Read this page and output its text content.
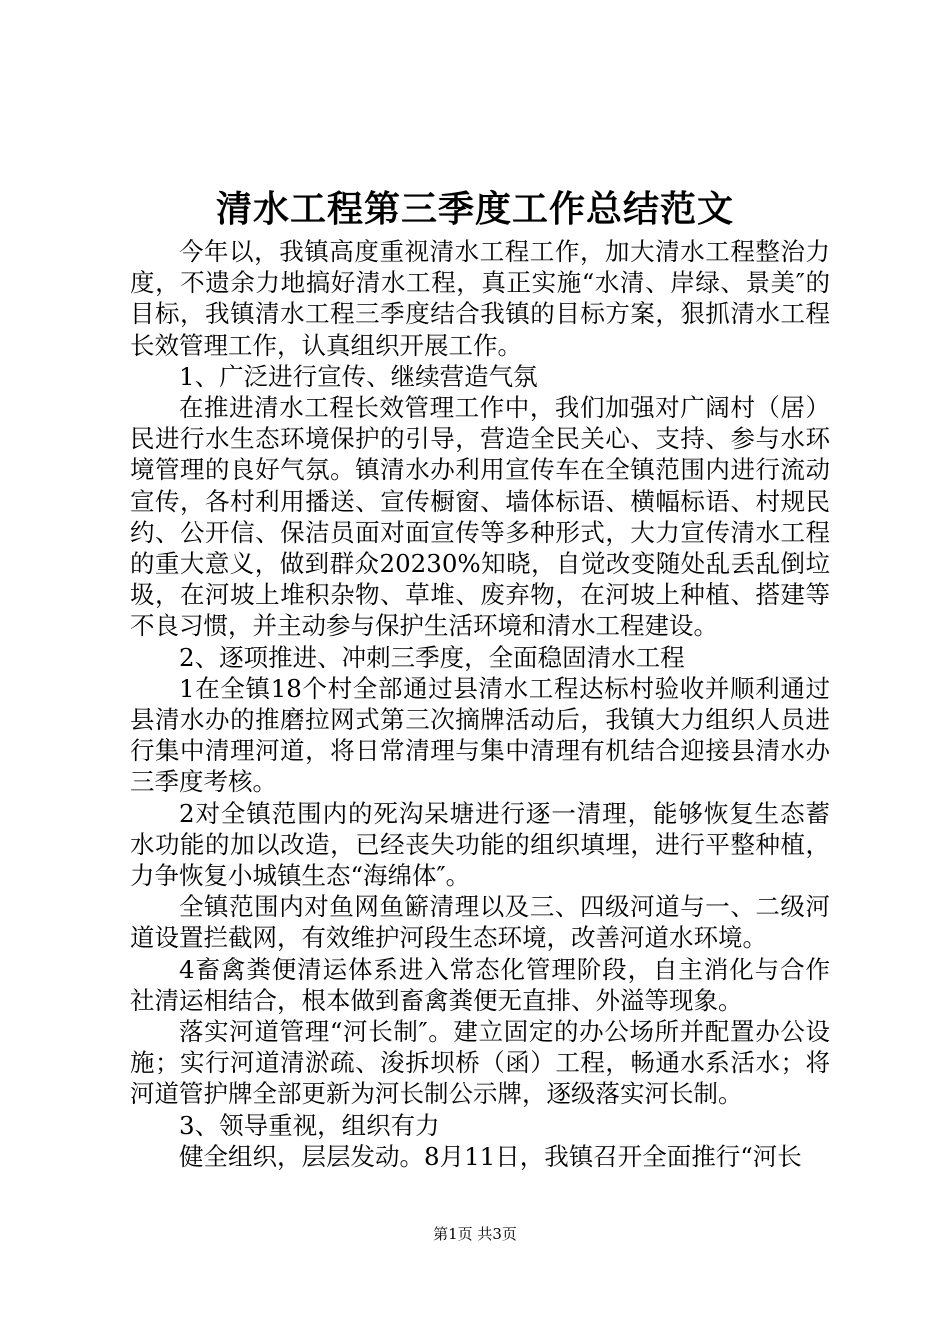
清水工程第三季度工作总结范文

今年以，我镇高度重视清水工程工作，加大清水工程整治力度，不遗余力地搞好清水工程，真正实施“水清、岸绿、景美″的目标，我镇清水工程三季度结合我镇的目标方案，狠抓清水工程长效管理工作，认真组织开展工作。

1、广泛进行宣传、继续营造气氛

在推进清水工程长效管理工作中，我们加强对广阔村（居）民进行水生态环境保护的引导，营造全民关心、支持、参与水环境管理的良好气氛。镇清水办利用宣传车在全镇范围内进行流动宣传，各村利用播送、宣传橱窗、墙体标语、横幅标语、村规民约、公开信、保洁员面对面宣传等多种形式，大力宣传清水工程的重大意义，做到群众20230%知晓，自觉改变随处乱丢乱倒垃圾，在河坡上堆积杂物、草堆、废弃物，在河坡上种植、搭建等不良习惯，并主动参与保护生活环境和清水工程建设。

2、逐项推进、冲刺三季度，全面稳固清水工程

1在全镇18个村全部通过县清水工程达标村验收并顺利通过县清水办的推磨拉网式第三次摘牌活动后，我镇大力组织人员进行集中清理河道，将日常清理与集中清理有机结合迎接县清水办三季度考核。

2对全镇范围内的死沟呆塘进行逐一清理，能够恢复生态蓄水功能的加以改造，已经丧失功能的组织填埋，进行平整种植，力争恢复小城镇生态“海绵体″。

全镇范围内对鱼网鱼簖清理以及三、四级河道与一、二级河道设置拦截网，有效维护河段生态环境，改善河道水环境。

4畜禽粪便清运体系进入常态化管理阶段，自主消化与合作社清运相结合，根本做到畜禽粪便无直排、外溢等现象。

落实河道管理“河长制″。建立固定的办公场所并配置办公设施；实行河道清淤疏、浚拆坝桥（函）工程，畅通水系活水；将河道管护牌全部更新为河长制公示牌，逐级落实河长制。

3、领导重视，组织有力

健全组织，层层发动。8月11日，我镇召开全面推行“河长

第1页 共3页
